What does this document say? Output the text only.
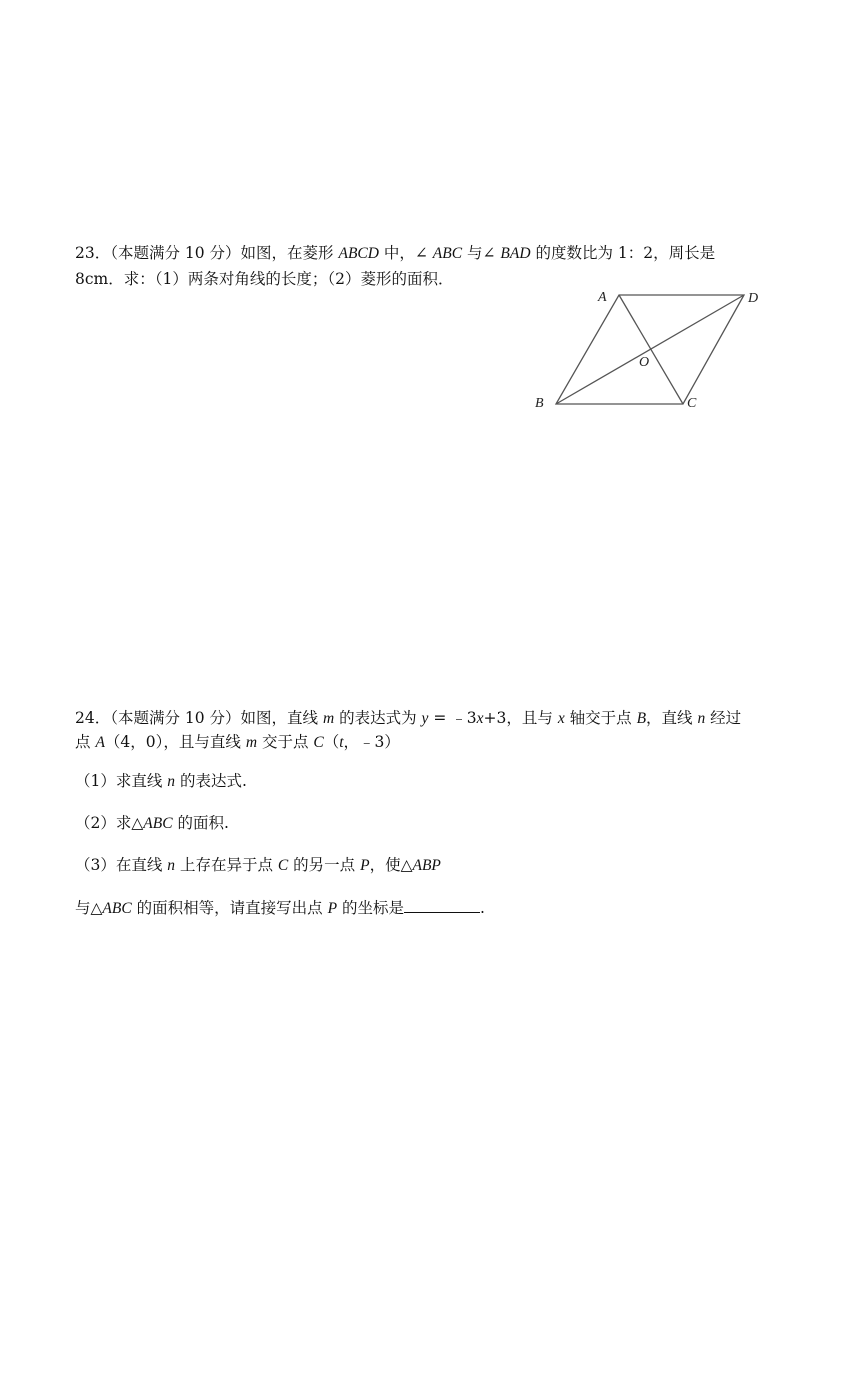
23．（本题满分 10 分）如图，在菱形 ABCD 中，∠ ABC 与∠ BAD 的度数比为 1：2，周长是
8cm．求：（1）两条对角线的长度；（2）菱形的面积．
A	D
O
B	C
24．（本题满分 10 分）如图，直线 m 的表达式为 y = ﹣3x+3，且与 x 轴交于点 B，直线 n 经过
点 A（4，0），且与直线 m 交于点 C（t，﹣3）
（1）求直线 n 的表达式.
（2）求△ABC 的面积.
（3）在直线 n 上存在异于点 C 的另一点 P，使△ABP
与△ABC 的面积相等，请直接写出点 P 的坐标是	.
